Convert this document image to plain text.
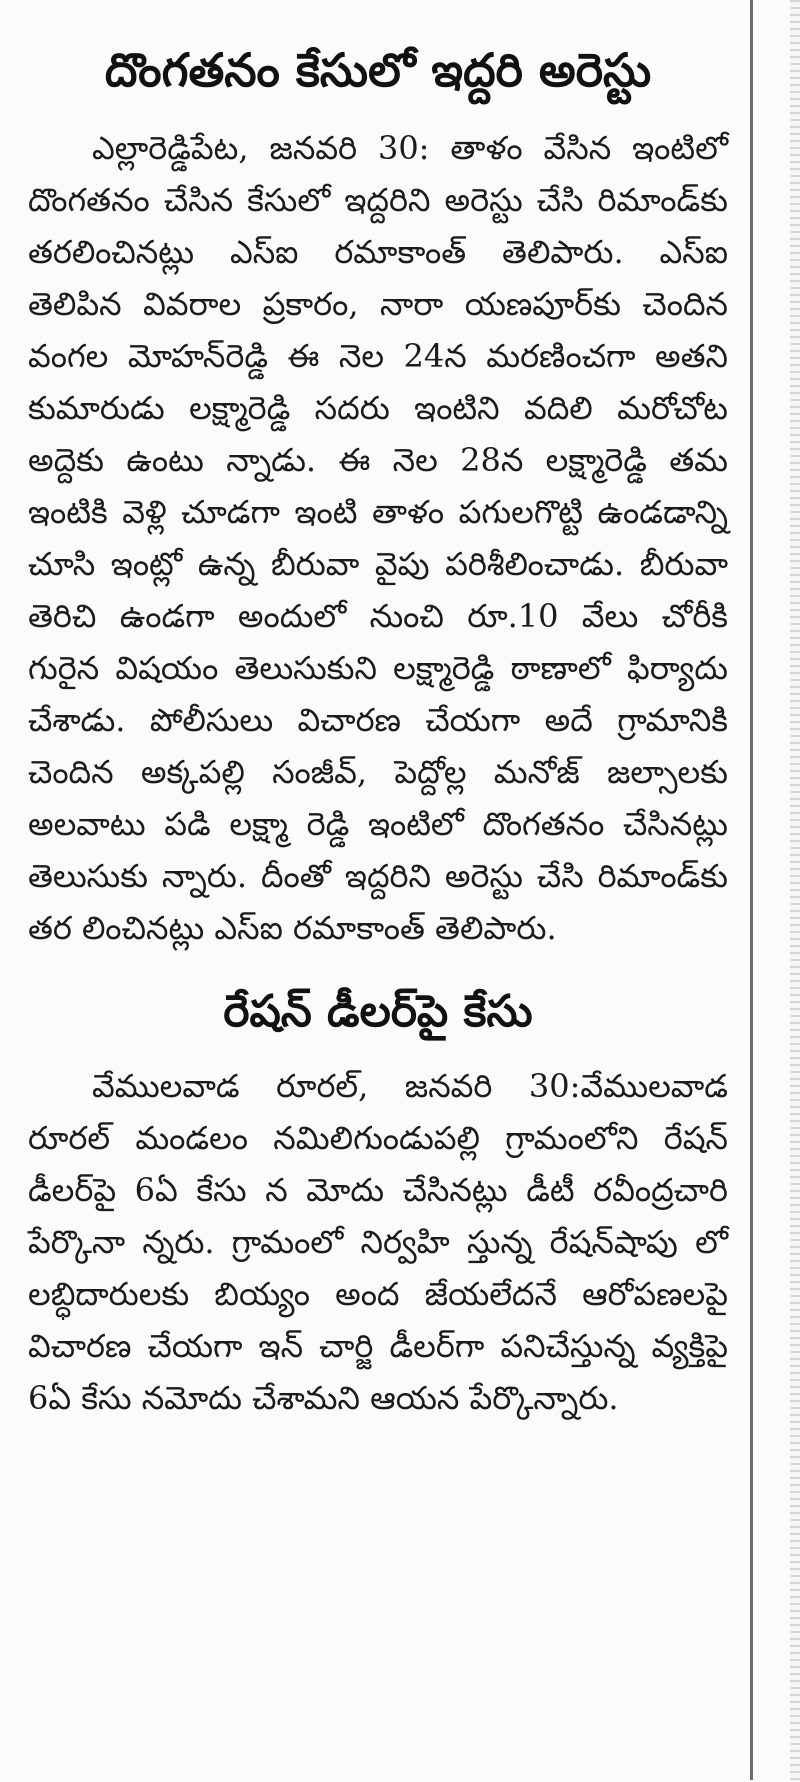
దొంగతనం కేసులో ఇద్దరి అరెస్టు

ఎల్లారెడ్డిపేట, జనవరి 30: తాళం వేసిన ఇంటిలో దొంగతనం చేసిన కేసులో ఇద్దరిని అరెస్టు చేసి రిమాండ్‌కు తరలించినట్లు ఎస్‌ఐ రమాకాంత్ తెలిపారు. ఎస్‌ఐ తెలిపిన వివరాల ప్రకారం, నారా యణపూర్‌కు చెందిన వంగల మోహన్‌రెడ్డి ఈ నెల 24న మరణించగా అతని కుమారుడు లక్ష్మారెడ్డి సదరు ఇంటిని వదిలి మరోచోట అద్దెకు ఉంటు న్నాడు. ఈ నెల 28న లక్ష్మారెడ్డి తమ ఇంటికి వెళ్లి చూడగా ఇంటి తాళం పగులగొట్టి ఉండడాన్ని చూసి ఇంట్లో ఉన్న బీరువా వైపు పరిశీలించాడు. బీరువా తెరిచి ఉండగా అందులో నుంచి రూ.10 వేలు చోరీకి గురైన విషయం తెలుసుకుని లక్ష్మారెడ్డి ఠాణాలో ఫిర్యాదు చేశాడు. పోలీసులు విచారణ చేయగా అదే గ్రామానికి చెందిన అక్కపల్లి సంజీవ్, పెద్దోల్ల మనోజ్ జల్సాలకు అలవాటు పడి లక్ష్మా రెడ్డి ఇంటిలో దొంగతనం చేసినట్లు తెలుసుకు న్నారు. దీంతో ఇద్దరిని అరెస్టు చేసి రిమాండ్‌కు తర లించినట్లు ఎస్‌ఐ రమాకాంత్ తెలిపారు.

రేషన్ డీలర్‌పై కేసు

వేములవాడ రూరల్, జనవరి 30:వేములవాడ రూరల్ మండలం నమిలిగుండుపల్లి గ్రామంలోని రేషన్ డీలర్‌పై 6ఏ కేసు న మోదు చేసినట్లు డీటీ రవీంద్రచారి పేర్కొనా న్నరు. గ్రామంలో నిర్వహి స్తున్న రేషన్‌షాపు లో లబ్ధిదారులకు బియ్యం అంద జేయలేదనే ఆరోపణలపై విచారణ చేయగా ఇన్ చార్జి డీలర్‌గా పనిచేస్తున్న వ్యక్తిపై 6ఏ కేసు నమోదు చేశామని ఆయన పేర్కొన్నారు.
